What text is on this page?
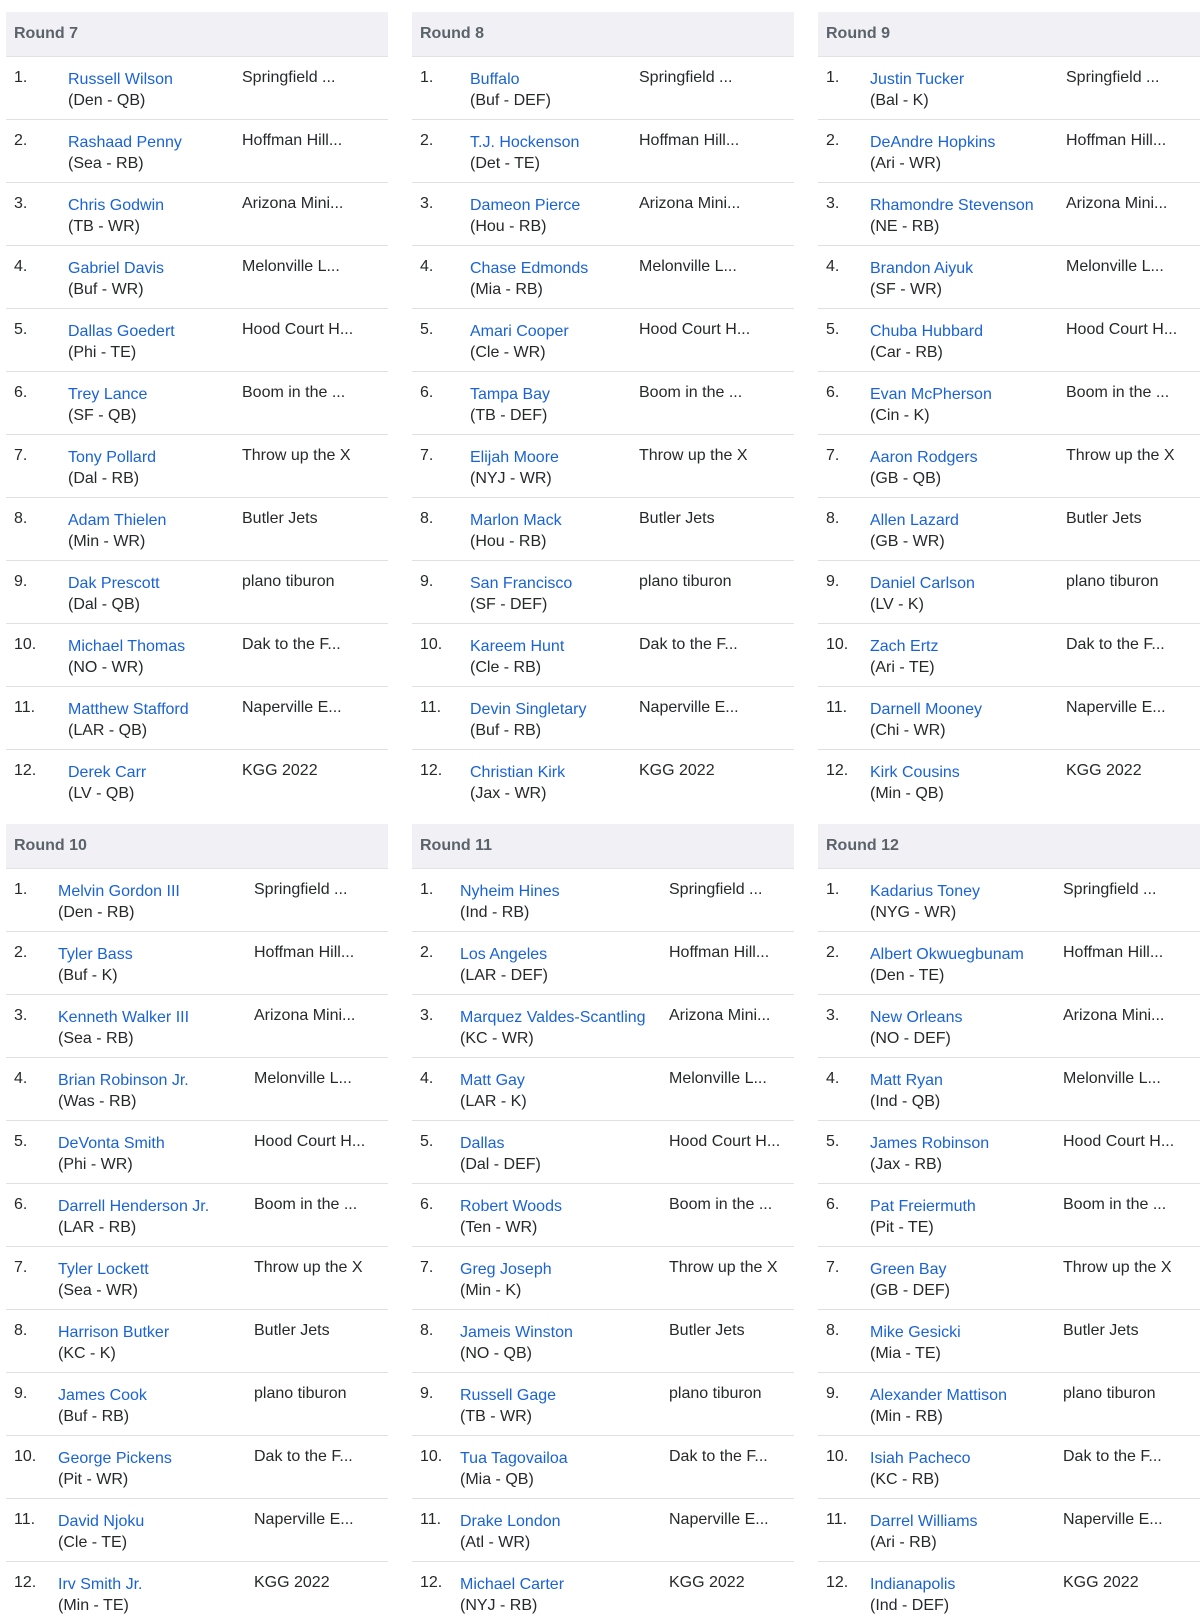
Round 7
1.	Russell Wilson
(Den - QB)
Springfield ...
2.	Rashaad Penny
(Sea - RB)
Hoffman Hill...
3.	Chris Godwin
(TB - WR)
Arizona Mini...
4.	Gabriel Davis
(Buf - WR)
Melonville L...
5.	Dallas Goedert
(Phi - TE)
Hood Court H...
6.	Trey Lance
(SF - QB)
Boom in the ...
7.	Tony Pollard
(Dal - RB)
Throw up the X
8.	Adam Thielen
(Min - WR)
Butler Jets
9.	Dak Prescott
(Dal - QB)
plano tiburon
10. Michael Thomas
(NO - WR)
Dak to the F...
11. Matthew Stafford
(LAR - QB)
Naperville E...
12. Derek Carr
(LV - QB)
KGG 2022
Round 8
1. Buffalo
(Buf - DEF)
Springfield ...
2. T.J. Hockenson
(Det - TE)
Hoffman Hill...
3. Dameon Pierce
(Hou - RB)
Arizona Mini...
4. Chase Edmonds
(Mia - RB)
Melonville L...
5. Amari Cooper
(Cle - WR)
Hood Court H...
6. Tampa Bay
(TB - DEF)
Boom in the ...
7. Elijah Moore
(NYJ - WR)
Throw up the X
8. Marlon Mack
(Hou - RB)
Butler Jets
9. San Francisco
(SF - DEF)
plano tiburon
10. Kareem Hunt
(Cle - RB)
Dak to the F...
11. Devin Singletary
(Buf - RB)
Naperville E...
12. Christian Kirk
(Jax - WR)
KGG 2022
Round 9
1. Justin Tucker
(Bal - K)
Springfield ...
2. DeAndre Hopkins
(Ari - WR)
Hoffman Hill...
3. Rhamondre Stevenson
(NE - RB)
Arizona Mini...
4. Brandon Aiyuk
(SF - WR)
Melonville L...
5. Chuba Hubbard
(Car - RB)
Hood Court H...
6. Evan McPherson
(Cin - K)
Boom in the ...
7. Aaron Rodgers
(GB - QB)
Throw up the X
8. Allen Lazard
(GB - WR)
Butler Jets
9. Daniel Carlson
(LV - K)
plano tiburon
10. Zach Ertz
(Ari - TE)
Dak to the F...
11. Darnell Mooney
(Chi - WR)
Naperville E...
12. Kirk Cousins
(Min - QB)
KGG 2022
Round 10
1. Melvin Gordon III
(Den - RB)
Springfield ...
2. Tyler Bass
(Buf - K)
Hoffman Hill...
3. Kenneth Walker III
(Sea - RB)
Arizona Mini...
4. Brian Robinson Jr.
(Was - RB)
Melonville L...
5. DeVonta Smith
(Phi - WR)
Hood Court H...
6. Darrell Henderson Jr.
(LAR - RB)
Boom in the ...
7. Tyler Lockett
(Sea - WR)
Throw up the X
8. Harrison Butker
(KC - K)
Butler Jets
9. James Cook
(Buf - RB)
plano tiburon
10. George Pickens
(Pit - WR)
Dak to the F...
11. David Njoku
(Cle - TE)
Naperville E...
12. Irv Smith Jr.
(Min - TE)
KGG 2022
Round 11
1. Nyheim Hines
(Ind - RB)
Springfield ...
2. Los Angeles
(LAR - DEF)
Hoffman Hill...
3. Marquez Valdes-Scantling
(KC - WR)
Arizona Mini...
4. Matt Gay
(LAR - K)
Melonville L...
5. Dallas
(Dal - DEF)
Hood Court H...
6. Robert Woods
(Ten - WR)
Boom in the ...
7. Greg Joseph
(Min - K)
Throw up the X
8. Jameis Winston
(NO - QB)
Butler Jets
9. Russell Gage
(TB - WR)
plano tiburon
10. Tua Tagovailoa
(Mia - QB)
Dak to the F...
11. Drake London
(Atl - WR)
Naperville E...
12. Michael Carter
(NYJ - RB)
KGG 2022
Round 12
1. Kadarius Toney
(NYG - WR)
Springfield ...
2. Albert Okwuegbunam
(Den - TE)
Hoffman Hill...
3. New Orleans
(NO - DEF)
Arizona Mini...
4. Matt Ryan
(Ind - QB)
Melonville L...
5. James Robinson
(Jax - RB)
Hood Court H...
6. Pat Freiermuth
(Pit - TE)
Boom in the ...
7. Green Bay
(GB - DEF)
Throw up the X
8. Mike Gesicki
(Mia - TE)
Butler Jets
9. Alexander Mattison
(Min - RB)
plano tiburon
10. Isiah Pacheco
(KC - RB)
Dak to the F...
11. Darrel Williams
(Ari - RB)
Naperville E...
12. Indianapolis
(Ind - DEF)
KGG 2022
